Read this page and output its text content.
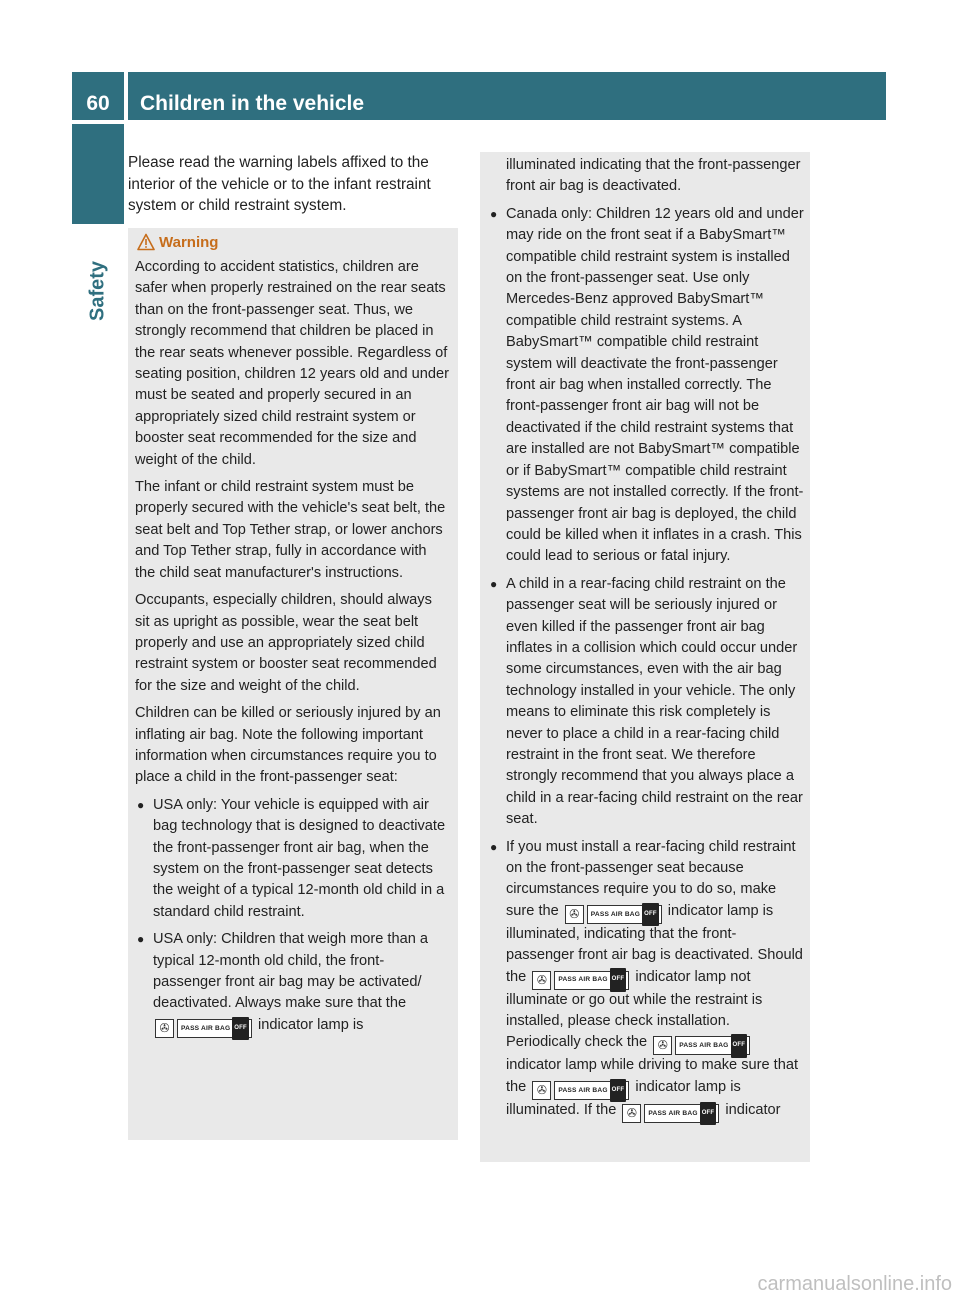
60	Children in the vehicle
Safety
Please read the warning labels affixed to the interior of the vehicle or to the infant restraint system or child restraint system.
Warning

According to accident statistics, children are safer when properly restrained on the rear seats than on the front-passenger seat. Thus, we strongly recommend that children be placed in the rear seats whenever possible. Regardless of seating position, children 12 years old and under must be seated and properly secured in an appropriately sized child restraint system or booster seat recommended for the size and weight of the child.

The infant or child restraint system must be properly secured with the vehicle's seat belt, the seat belt and Top Tether strap, or lower anchors and Top Tether strap, fully in accordance with the child seat manufacturer's instructions.

Occupants, especially children, should always sit as upright as possible, wear the seat belt properly and use an appropriately sized child restraint system or booster seat recommended for the size and weight of the child.

Children can be killed or seriously injured by an inflating air bag. Note the following important information when circumstances require you to place a child in the front-passenger seat:

● USA only: Your vehicle is equipped with air bag technology that is designed to deactivate the front-passenger front air bag, when the system on the front-passenger seat detects the weight of a typical 12-month old child in a standard child restraint.
● USA only: Children that weigh more than a typical 12-month old child, the front-passenger front air bag may be activated/ deactivated. Always make sure that the
✇	PASS AIR BAG OFF indicator lamp is
illuminated indicating that the front-passenger front air bag is deactivated.
● Canada only: Children 12 years old and under may ride on the front seat if a BabySmart™ compatible child restraint system is installed on the front-passenger seat. Use only Mercedes-Benz approved BabySmart™ compatible child restraint systems. A BabySmart™ compatible child restraint system will deactivate the front-passenger front air bag when installed correctly. The front-passenger front air bag will not be deactivated if the child restraint systems that are installed are not BabySmart™ compatible or if BabySmart™ compatible child restraint systems are not installed correctly. If the front-passenger front air bag is deployed, the child could be killed when it inflates in a crash. This could lead to serious or fatal injury.
● A child in a rear-facing child restraint on the passenger seat will be seriously injured or even killed if the passenger front air bag inflates in a collision which could occur under some circumstances, even with the air bag technology installed in your vehicle. The only means to eliminate this risk completely is never to place a child in a rear-facing child restraint in the front seat. We therefore strongly recommend that you always place a child in a rear-facing child restraint on the rear seat.
● If you must install a rear-facing child restraint on the front-passenger seat because circumstances require you to do so, make sure the ✇	PASS AIR BAG OFF indicator lamp is illuminated, indicating that the front-passenger front air bag is deactivated. Should the ✇	PASS AIR BAG OFF indicator lamp not illuminate or go out while the restraint is installed, please check installation. Periodically check the ✇	PASS AIR BAG OFF
indicator lamp while driving to make sure that the ✇	PASS AIR BAG OFF indicator lamp is illuminated. If the ✇	PASS AIR BAG OFF indicator
carmanualsonline.info
